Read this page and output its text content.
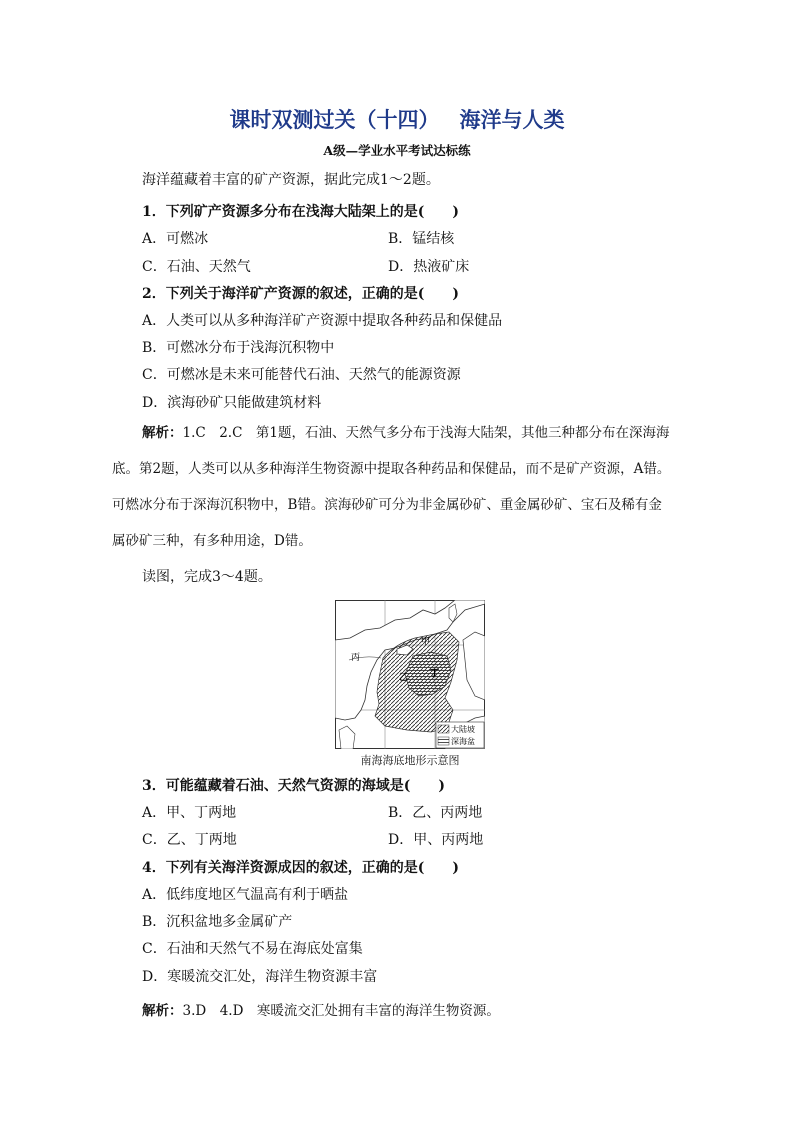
课时双测过关（十四） 海洋与人类
A级—学业水平考试达标练
海洋蕴藏着丰富的矿产资源，据此完成1～2题。
1．下列矿产资源多分布在浅海大陆架上的是(　　)
A．可燃冰	B．锰结核
C．石油、天然气	D．热液矿床
2．下列关于海洋矿产资源的叙述，正确的是(　　)
A．人类可以从多种海洋矿产资源中提取各种药品和保健品
B．可燃冰分布于浅海沉积物中
C．可燃冰是未来可能替代石油、天然气的能源资源
D．滨海砂矿只能做建筑材料
解析：1.C　2.C　第1题，石油、天然气多分布于浅海大陆架，其他三种都分布在深海海
底。第2题，人类可以从多种海洋生物资源中提取各种药品和保健品，而不是矿产资源，A错。
可燃冰分布于深海沉积物中，B错。滨海砂矿可分为非金属砂矿、重金属砂矿、宝石及稀有金
属砂矿三种，有多种用途，D错。
读图，完成3～4题。
甲
乙
丙
丁
大陆坡
深海盆
南海海底地形示意图
3．可能蕴藏着石油、天然气资源的海域是(　　)
A．甲、丁两地	B．乙、丙两地
C．乙、丁两地	D．甲、丙两地
4．下列有关海洋资源成因的叙述，正确的是(　　)
A．低纬度地区气温高有利于晒盐
B．沉积盆地多金属矿产
C．石油和天然气不易在海底处富集
D．寒暖流交汇处，海洋生物资源丰富
解析：3.D　4.D　寒暖流交汇处拥有丰富的海洋生物资源。
